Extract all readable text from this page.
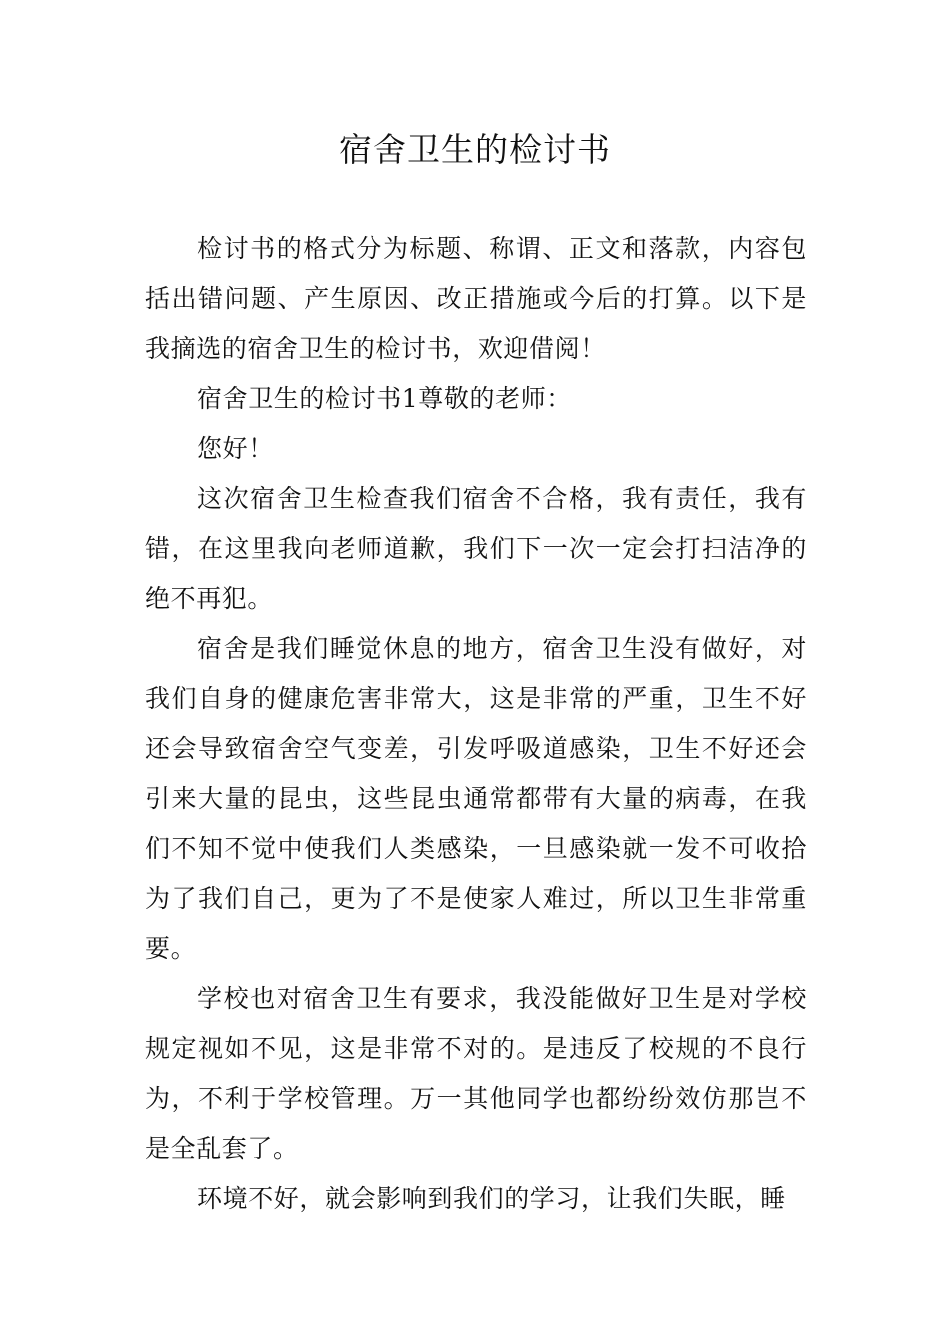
宿舍卫生的检讨书

检讨书的格式分为标题、称谓、正文和落款，内容包括出错问题、产生原因、改正措施或今后的打算。以下是我摘选的宿舍卫生的检讨书，欢迎借阅！

宿舍卫生的检讨书1尊敬的老师：

您好！

这次宿舍卫生检查我们宿舍不合格，我有责任，我有错，在这里我向老师道歉，我们下一次一定会打扫洁净的绝不再犯。

宿舍是我们睡觉休息的地方，宿舍卫生没有做好，对我们自身的健康危害非常大，这是非常的严重，卫生不好还会导致宿舍空气变差，引发呼吸道感染，卫生不好还会引来大量的昆虫，这些昆虫通常都带有大量的病毒，在我们不知不觉中使我们人类感染，一旦感染就一发不可收拾为了我们自己，更为了不是使家人难过，所以卫生非常重要。

学校也对宿舍卫生有要求，我没能做好卫生是对学校规定视如不见，这是非常不对的。是违反了校规的不良行为，不利于学校管理。万一其他同学也都纷纷效仿那岂不是全乱套了。

环境不好，就会影响到我们的学习，让我们失眠，睡
